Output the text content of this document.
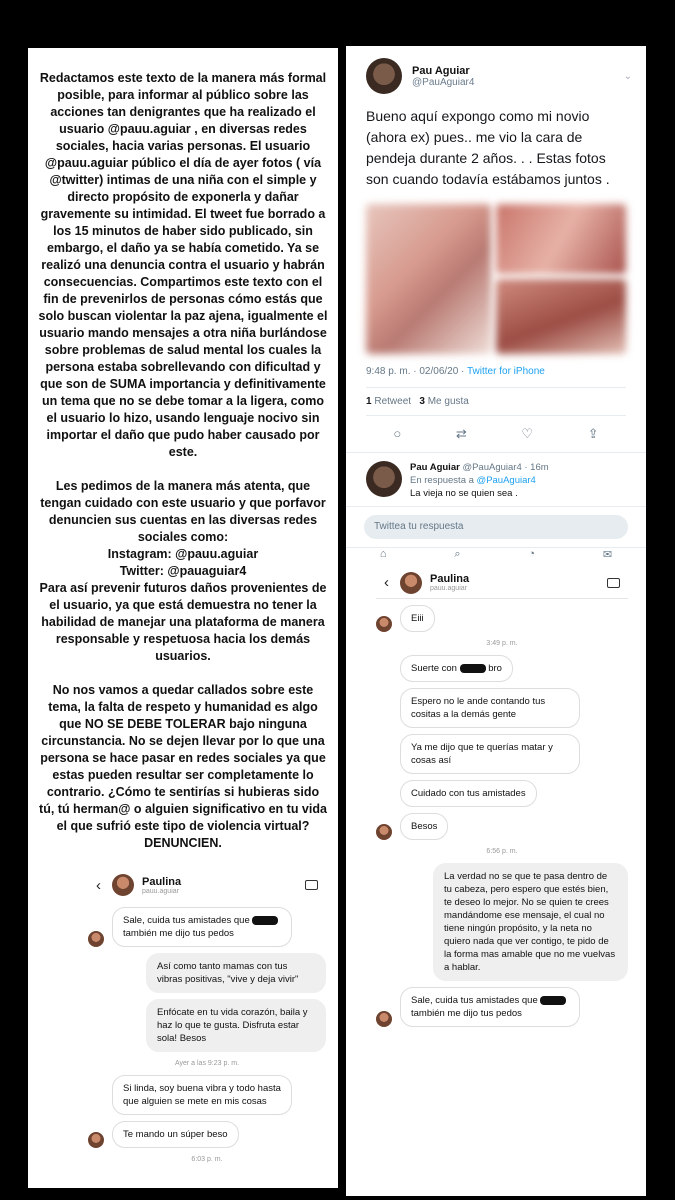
Redactamos este texto de la manera más formal posible, para informar al público sobre las acciones tan denigrantes que ha realizado el usuario @pauu.aguiar , en diversas redes sociales, hacia varias personas. El usuario @pauu.aguiar público el día de ayer fotos ( vía @twitter) intimas de una niña con el simple y directo propósito de exponerla y dañar gravemente su intimidad. El tweet fue borrado a los 15 minutos de haber sido publicado, sin embargo, el daño ya se había cometido. Ya se realizó una denuncia contra el usuario y habrán consecuencias. Compartimos este texto con el fin de prevenirlos de personas cómo estás que solo buscan violentar la paz ajena, igualmente el usuario mando mensajes a otra niña burlándose sobre problemas de salud mental los cuales la persona estaba sobrellevando con dificultad y que son de SUMA importancia y definitivamente un tema que no se debe tomar a la ligera, como el usuario lo hizo, usando lenguaje nocivo sin importar el daño que pudo haber causado por este.

Les pedimos de la manera más atenta, que tengan cuidado con este usuario y que porfavor denuncien sus cuentas en las diversas redes sociales como:

Instagram: @pauu.aguiar

Twitter: @pauaguiar4

Para así prevenir futuros daños provenientes de el usuario, ya que está demuestra no tener la habilidad de manejar una plataforma de manera responsable y respetuosa hacia los demás usuarios.

No nos vamos a quedar callados sobre este tema, la falta de respeto y humanidad es algo que NO SE DEBE TOLERAR bajo ninguna circunstancia. No se dejen llevar por lo que una persona se hace pasar en redes sociales ya que estas pueden resultar ser completamente lo contrario. ¿Cómo te sentirías si hubieras sido tú, tú herman@ o alguien significativo en tu vida el que sufrió este tipo de violencia virtual? DENUNCIEN.

‹	Paulina
pauu.aguiar
Sale, cuida tus amistades que  también me dijo tus pedos
Así como tanto mamas con tus vibras positivas, "vive y deja vivir"
Enfócate en tu vida corazón, baila y haz lo que te gusta. Disfruta estar sola! Besos
Ayer a las 9:23 p. m.
Si linda, soy buena vibra y todo hasta que alguien se mete en mis cosas
Te mando un súper beso
6:03 p. m.
Pau Aguiar
@PauAguiar4
⌄
Bueno aquí expongo como mi novio (ahora ex) pues.. me vio la cara de pendeja durante 2 años. . . Estas fotos son cuando todavía estábamos juntos .
9:48 p. m. · 02/06/20 · Twitter for iPhone
1 Retweet 3 Me gusta
○	⇄	♡	⇪
Pau Aguiar @PauAguiar4 · 16m
En respuesta a @PauAguiar4
La vieja no se quien sea .
Twittea tu respuesta
⌂	⌕	◔	✉
‹	Paulina
pauu.aguiar
Eiii
3:49 p. m.
Suerte con	bro
Espero no le ande contando tus cositas a la demás gente
Ya me dijo que te querías matar y cosas así
Cuidado con tus amistades
Besos
6:56 p. m.
La verdad no se que te pasa dentro de tu cabeza, pero espero que estés bien, te deseo lo mejor. No se quien te crees mandándome ese mensaje, el cual no tiene ningún propósito, y la neta no quiero nada que ver contigo, te pido de la forma mas amable que no me vuelvas a hablar.
Sale, cuida tus amistades que  también me dijo tus pedos
